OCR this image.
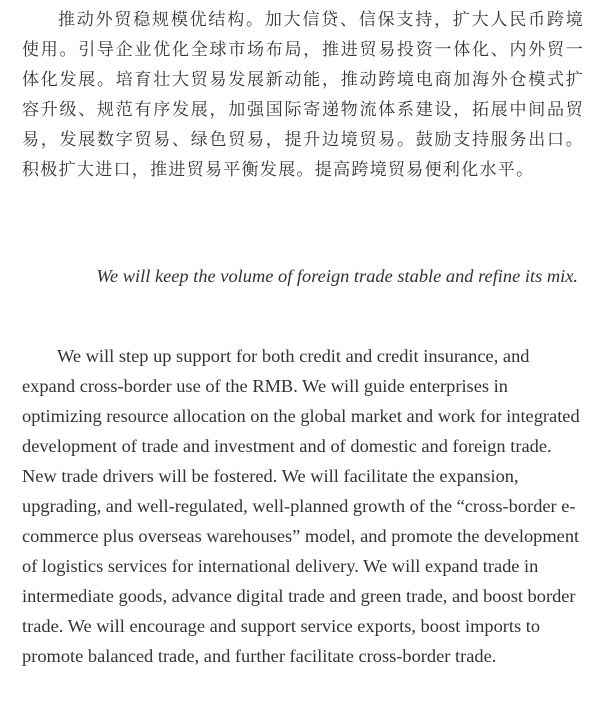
推动外贸稳规模优结构。加大信贷、信保支持，扩大人民币跨境使用。引导企业优化全球市场布局，推进贸易投资一体化、内外贸一体化发展。培育壮大贸易发展新动能，推动跨境电商加海外仓模式扩容升级、规范有序发展，加强国际寄递物流体系建设，拓展中间品贸易，发展数字贸易、绿色贸易，提升边境贸易。鼓励支持服务出口。积极扩大进口，推进贸易平衡发展。提高跨境贸易便利化水平。

We will keep the volume of foreign trade stable and refine its mix.

We will step up support for both credit and credit insurance, and expand cross-border use of the RMB. We will guide enterprises in optimizing resource allocation on the global market and work for integrated development of trade and investment and of domestic and foreign trade. New trade drivers will be fostered. We will facilitate the expansion, upgrading, and well-regulated, well-planned growth of the “cross-border e-commerce plus overseas warehouses” model, and promote the development of logistics services for international delivery. We will expand trade in intermediate goods, advance digital trade and green trade, and boost border trade. We will encourage and support service exports, boost imports to promote balanced trade, and further facilitate cross-border trade.
